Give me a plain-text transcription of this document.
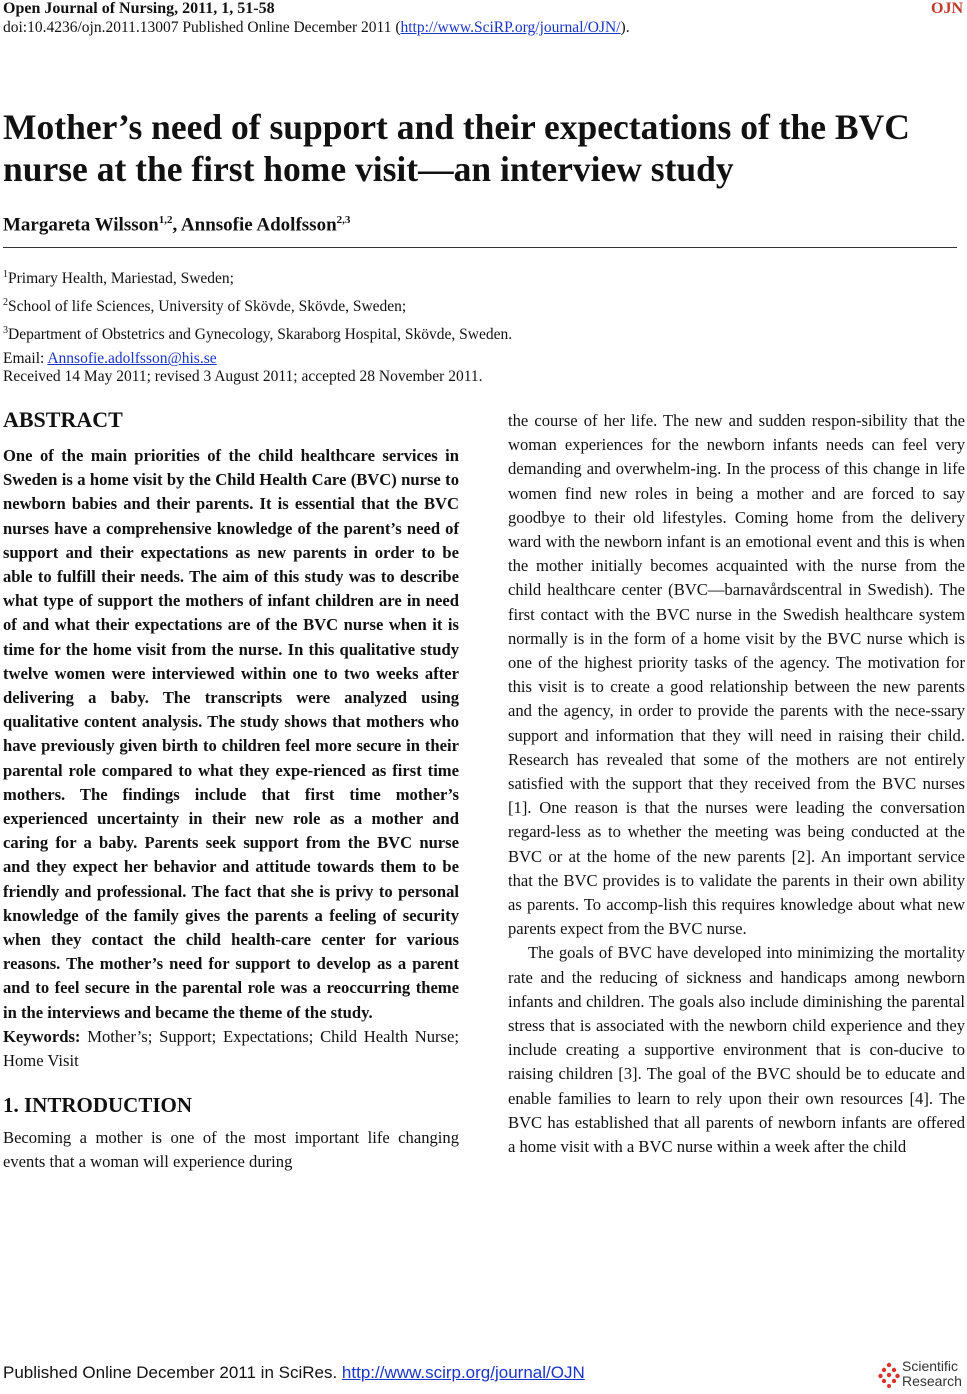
Open Journal of Nursing, 2011, 1, 51-58	OJN
doi:10.4236/ojn.2011.13007 Published Online December 2011 (http://www.SciRP.org/journal/OJN/).
Mother’s need of support and their expectations of the BVC nurse at the first home visit—an interview study
Margareta Wilsson$^{1,2}$, Annsofie Adolfsson$^{2,3}$
$^1$Primary Health, Mariestad, Sweden;
$^2$School of life Sciences, University of Skövde, Skövde, Sweden;
$^3$Department of Obstetrics and Gynecology, Skaraborg Hospital, Skövde, Sweden.
Email: Annsofie.adolfsson@his.se
Received 14 May 2011; revised 3 August 2011; accepted 28 November 2011.
ABSTRACT

One of the main priorities of the child healthcare services in Sweden is a home visit by the Child Health Care (BVC) nurse to newborn babies and their parents. It is essential that the BVC nurses have a comprehensive knowledge of the parent’s need of support and their expectations as new parents in order to be able to fulfill their needs. The aim of this study was to describe what type of support the mothers of infant children are in need of and what their expectations are of the BVC nurse when it is time for the home visit from the nurse. In this qualitative study twelve women were interviewed within one to two weeks after delivering a baby. The transcripts were analyzed using qualitative content analysis. The study shows that mothers who have previously given birth to children feel more secure in their parental role compared to what they expe-rienced as first time mothers. The findings include that first time mother’s experienced uncertainty in their new role as a mother and caring for a baby. Parents seek support from the BVC nurse and they expect her behavior and attitude towards them to be friendly and professional. The fact that she is privy to personal knowledge of the family gives the parents a feeling of security when they contact the child health-care center for various reasons. The mother’s need for support to develop as a parent and to feel secure in the parental role was a reoccurring theme in the interviews and became the theme of the study.

Keywords: Mother’s; Support; Expectations; Child Health Nurse; Home Visit

1. INTRODUCTION

Becoming a mother is one of the most important life changing events that a woman will experience during

the course of her life. The new and sudden respon-sibility that the woman experiences for the newborn infants needs can feel very demanding and overwhelm-ing. In the process of this change in life women find new roles in being a mother and are forced to say goodbye to their old lifestyles. Coming home from the delivery ward with the newborn infant is an emotional event and this is when the mother initially becomes acquainted with the nurse from the child healthcare center (BVC—barnavårdscentral in Swedish). The first contact with the BVC nurse in the Swedish healthcare system normally is in the form of a home visit by the BVC nurse which is one of the highest priority tasks of the agency. The motivation for this visit is to create a good relationship between the new parents and the agency, in order to provide the parents with the nece-ssary support and information that they will need in raising their child. Research has revealed that some of the mothers are not entirely satisfied with the support that they received from the BVC nurses [1]. One reason is that the nurses were leading the conversation regard-less as to whether the meeting was being conducted at the BVC or at the home of the new parents [2]. An important service that the BVC provides is to validate the parents in their own ability as parents. To accomp-lish this requires knowledge about what new parents expect from the BVC nurse.

The goals of BVC have developed into minimizing the mortality rate and the reducing of sickness and handicaps among newborn infants and children. The goals also include diminishing the parental stress that is associated with the newborn child experience and they include creating a supportive environment that is con-ducive to raising children [3]. The goal of the BVC should be to educate and enable families to learn to rely upon their own resources [4]. The BVC has established that all parents of newborn infants are offered a home visit with a BVC nurse within a week after the child

Published Online December 2011 in SciRes. http://www.scirp.org/journal/OJN	Scientific
Research
